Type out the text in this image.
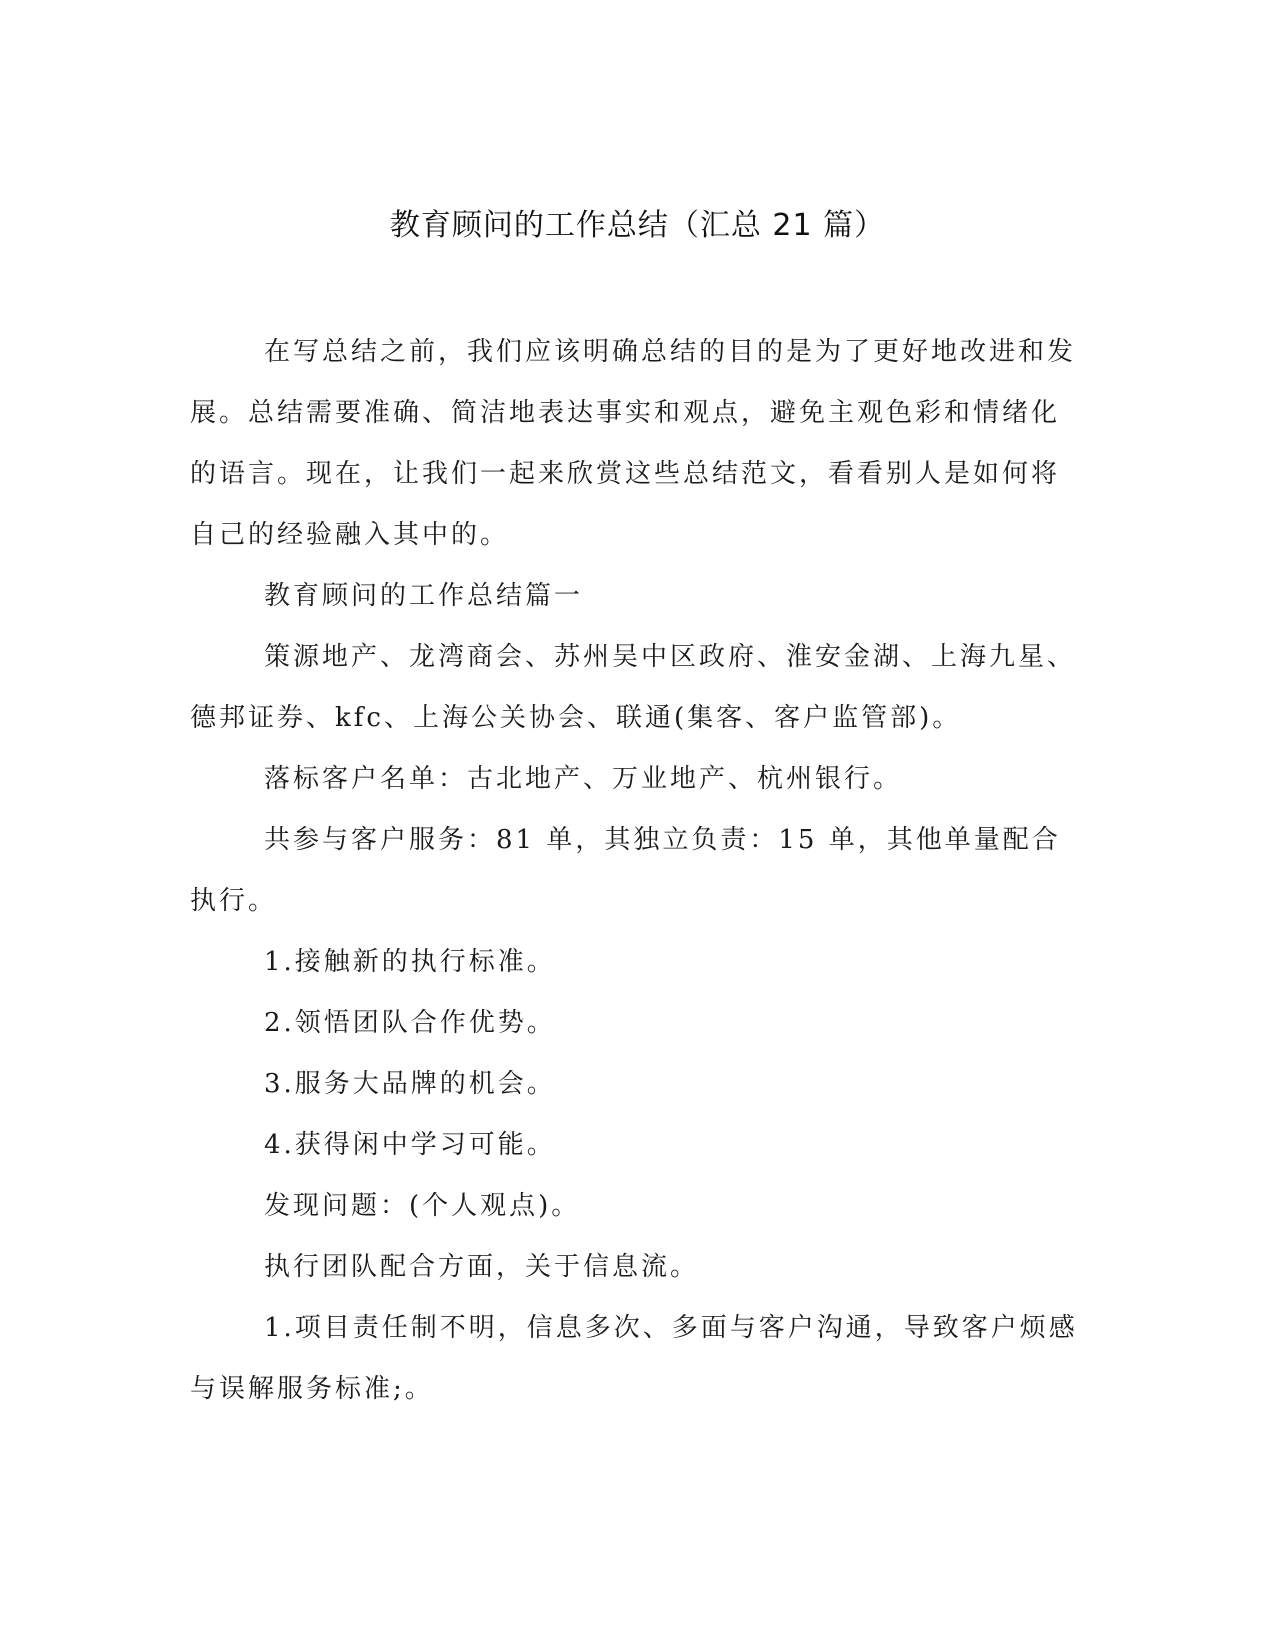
教育顾问的工作总结（汇总 21 篇）

在写总结之前，我们应该明确总结的目的是为了更好地改进和发展。总结需要准确、简洁地表达事实和观点，避免主观色彩和情绪化的语言。现在，让我们一起来欣赏这些总结范文，看看别人是如何将自己的经验融入其中的。

教育顾问的工作总结篇一

策源地产、龙湾商会、苏州吴中区政府、淮安金湖、上海九星、德邦证券、kfc、上海公关协会、联通(集客、客户监管部)。

落标客户名单：古北地产、万业地产、杭州银行。

共参与客户服务：81 单，其独立负责：15 单，其他单量配合执行。

1.接触新的执行标准。

2.领悟团队合作优势。

3.服务大品牌的机会。

4.获得闲中学习可能。

发现问题：(个人观点)。

执行团队配合方面，关于信息流。

1.项目责任制不明，信息多次、多面与客户沟通，导致客户烦感与误解服务标准;。
